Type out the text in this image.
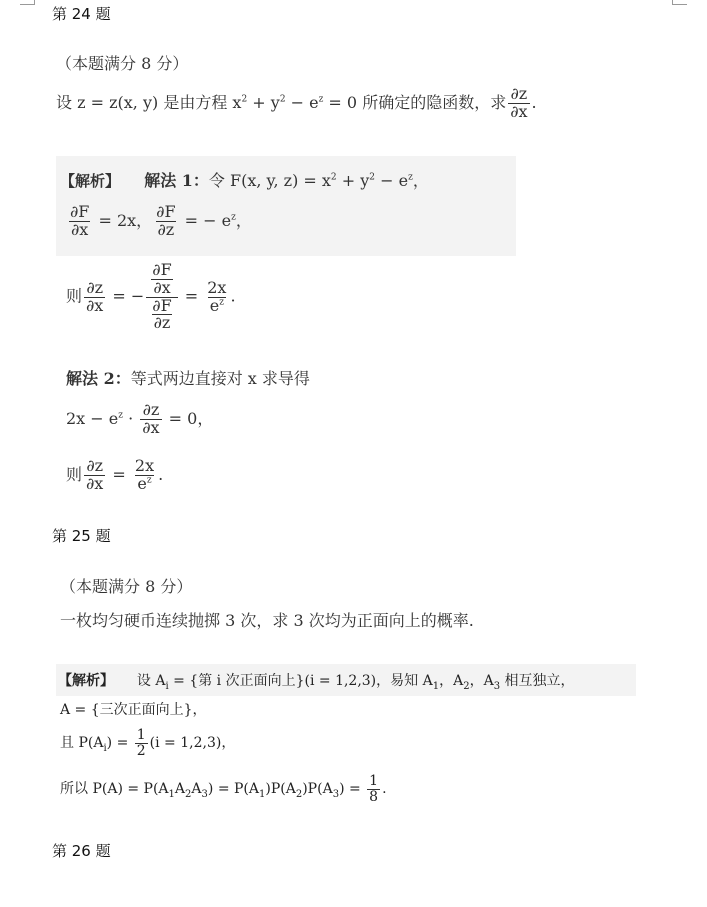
第 24 题
（本题满分 8 分）
设 z = z(x, y) 是由方程 $x^2 + y^2 - e^z = 0$ 所确定的隐函数，求 $\frac{\partial z}{\partial x}$ .
【解析】 解法 1：令 F(x, y, $z) = x^2 + y^2 - e^z$，
$\frac{\partial F}{\partial x} = 2x$， $\frac{\partial F}{\partial z}$ = − $e^z$，
则 $\frac{\partial z}{\partial x}$ = − $\frac{\frac{\partial F}{\partial x}}{\frac{\partial F}{\partial z}} = \frac{2x}{e^z}$ .
解法 2：等式两边直接对 x 求导得
$2x - e^z \cdot \frac{\partial z}{\partial x} = 0$，
则 $\frac{\partial z}{\partial x} = \frac{2x}{e^z}$ .
第 25 题
（本题满分 8 分）
一枚均匀硬币连续抛掷 3 次，求 3 次均为正面向上的概率.
【解析】 设 $A_i$ = {第 i 次正面向上}(i = 1,2,3)，易知 $A_1$，$A_2$，$A_3$ 相互独立，
A = {三次正面向上}，
且 $P(A_i) = \frac{1}{2} (i = 1,2,3)$，
所以 $P(A) = P(A_1A_2A_3) = P(A_1)P(A_2)P(A_3) = \frac{1}{8}$ .
第 26 题
